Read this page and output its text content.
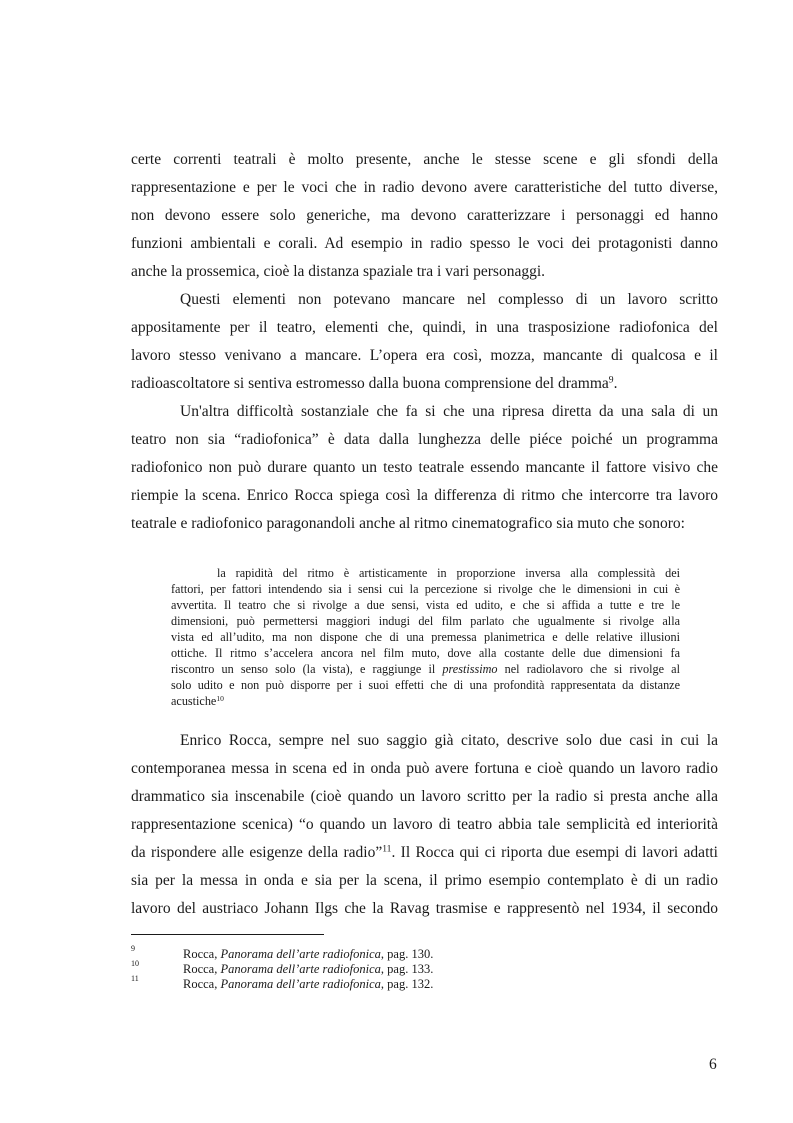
certe correnti teatrali è molto presente, anche le stesse scene e gli sfondi della
rappresentazione e per le voci che in radio devono avere caratteristiche del tutto diverse,
non devono essere solo generiche, ma devono caratterizzare i personaggi ed hanno
funzioni ambientali e corali. Ad esempio in radio spesso le voci dei protagonisti danno
anche la prossemica, cioè la distanza spaziale tra i vari personaggi.
Questi elementi non potevano mancare nel complesso di un lavoro scritto
appositamente per il teatro, elementi che, quindi, in una trasposizione radiofonica del
lavoro stesso venivano a mancare. L’opera era così, mozza, mancante di qualcosa e il
radioascoltatore si sentiva estromesso dalla buona comprensione del dramma$^9$.
Un'altra difficoltà sostanziale che fa si che una ripresa diretta da una sala di un
teatro non sia “radiofonica” è data dalla lunghezza delle piéce poiché un programma
radiofonico non può durare quanto un testo teatrale essendo mancante il fattore visivo che
riempie la scena. Enrico Rocca spiega così la differenza di ritmo che intercorre tra lavoro
teatrale e radiofonico paragonandoli anche al ritmo cinematografico sia muto che sonoro:
la rapidità del ritmo è artisticamente in proporzione inversa alla complessità dei
fattori, per fattori intendendo sia i sensi cui la percezione si rivolge che le dimensioni in cui è
avvertita. Il teatro che si rivolge a due sensi, vista ed udito, e che si affida a tutte e tre le
dimensioni, può permettersi maggiori indugi del film parlato che ugualmente si rivolge alla
vista ed all’udito, ma non dispone che di una premessa planimetrica e delle relative illusioni
ottiche. Il ritmo s’accelera ancora nel film muto, dove alla costante delle due dimensioni fa
riscontro un senso solo (la vista), e raggiunge il prestissimo nel radiolavoro che si rivolge al
solo udito e non può disporre per i suoi effetti che di una profondità rappresentata da distanze
acustiche$^{10}$
Enrico Rocca, sempre nel suo saggio già citato, descrive solo due casi in cui la
contemporanea messa in scena ed in onda può avere fortuna e cioè quando un lavoro radio
drammatico sia inscenabile (cioè quando un lavoro scritto per la radio si presta anche alla
rappresentazione scenica) “o quando un lavoro di teatro abbia tale semplicità ed interiorità
da rispondere alle esigenze della radio”$^{11}$. Il Rocca qui ci riporta due esempi di lavori adatti
sia per la messa in onda e sia per la scena, il primo esempio contemplato è di un radio
lavoro del austriaco Johann Ilgs che la Ravag trasmise e rappresentò nel 1934, il secondo
9	Rocca, Panorama dell’arte radiofonica, pag. 130.
10	Rocca, Panorama dell’arte radiofonica, pag. 133.
11	Rocca, Panorama dell’arte radiofonica, pag. 132.
6
